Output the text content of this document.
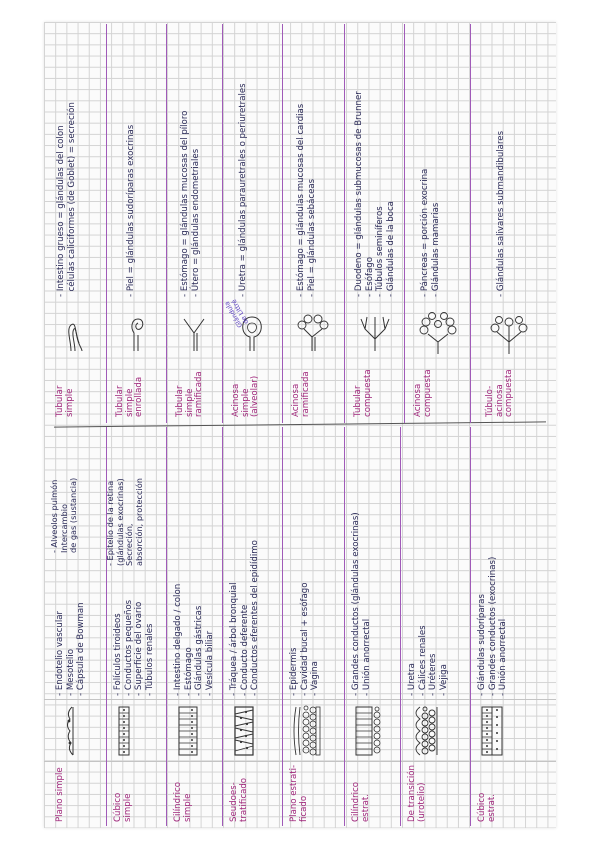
Plano simple
- Endotelio vascular
- Mesotelio
- Cápsula de Bowman
- Alveolos pulmón Intercambio de gas (sustancia)
Cúbico simple
- Folículos tiroideos
- Conductos pequeños
- Superficie del ovario
- Túbulos renales
- Epitelio de la retina (glándulas exocrinas) Secreción, absorción, protección
Cilíndrico simple
- Intestino delgado / colon
- Estómago
- Glándulas gástricas
- Vesícula biliar
Seudoes-tratificado
- Tráquea / árbol bronquial
- Conducto deferente
- Conductos eferentes del epidídimo
Plano estrati-ficado
- Epidermis
- Cavidad bucal + esófago
- Vagina
Cilíndrico estrat.
- Grandes conductos (glándulas exocrinas)
- Unión anorrectal
De transición (urotelio)
- Uretra
- Cálices renales
- Uréteres
- Vejiga
Cúbico estrat.
- Glándulas sudoríparas
- Grandes conductos (exocrinas)
- Unión anorrectal
Tubular simple
- Intestino grueso = glándulas del colon células caliciformes (de Goblet) = secreción
Tubular simple enrollada
- Piel = glándulas sudoríparas exocrinas
Tubular simple ramificada
- Estómago = glándulas mucosas del píloro
- Útero = glándulas endometriales
Acinosa simple (alveolar)
Glándula de Littré
- Uretra = glándulas parauretrales o periuretrales
Acinosa ramificada
- Estómago = glándulas mucosas del cardias
- Piel = glándulas sebáceas
Tubular compuesta
- Duodeno = glándulas submucosas de Brunner
- Esófago
- Túbulos seminíferos
- Glándulas de la boca
Acinosa compuesta
- Páncreas = porción exocrina
- Glándulas mamarias
Túbulo-acinosa compuesta
- Glándulas salivares submandibulares
